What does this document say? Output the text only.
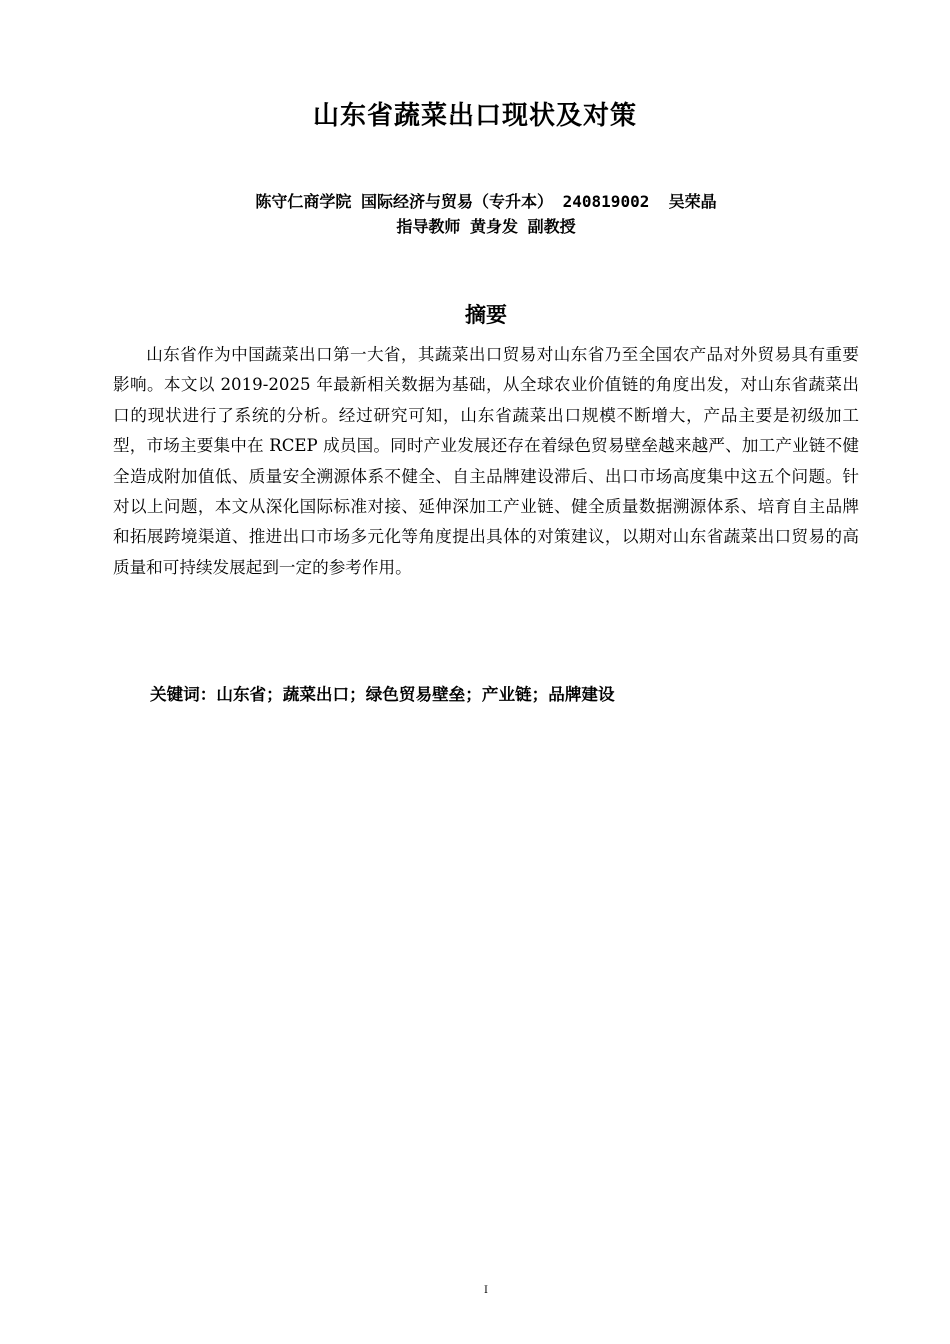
山东省蔬菜出口现状及对策
陈守仁商学院 国际经济与贸易（专升本） 240819002  吴荣晶
指导教师 黄身发 副教授
摘要

山东省作为中国蔬菜出口第一大省，其蔬菜出口贸易对山东省乃至全国农产品对外贸易具有重要影响。本文以 2019-2025 年最新相关数据为基础，从全球农业价值链的角度出发，对山东省蔬菜出口的现状进行了系统的分析。经过研究可知，山东省蔬菜出口规模不断增大，产品主要是初级加工型，市场主要集中在 RCEP 成员国。同时产业发展还存在着绿色贸易壁垒越来越严、加工产业链不健全造成附加值低、质量安全溯源体系不健全、自主品牌建设滞后、出口市场高度集中这五个问题。针对以上问题，本文从深化国际标准对接、延伸深加工产业链、健全质量数据溯源体系、培育自主品牌和拓展跨境渠道、推进出口市场多元化等角度提出具体的对策建议，以期对山东省蔬菜出口贸易的高质量和可持续发展起到一定的参考作用。

关键词：山东省；蔬菜出口；绿色贸易壁垒；产业链；品牌建设
I
